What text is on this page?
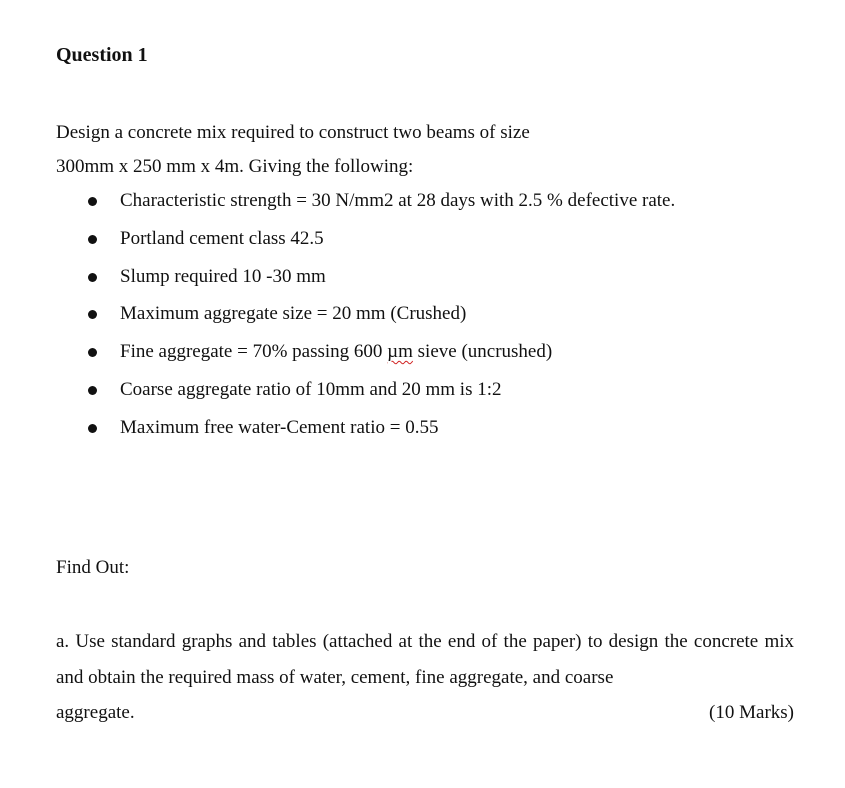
Question 1
Design a concrete mix required to construct two beams of size
300mm x 250 mm x 4m. Giving the following:
Characteristic strength = 30 N/mm2 at 28 days with 2.5 % defective rate.
Portland cement class 42.5
Slump required 10 -30 mm
Maximum aggregate size = 20 mm (Crushed)
Fine aggregate = 70% passing 600 µm sieve (uncrushed)
Coarse aggregate ratio of 10mm and 20 mm is 1:2
Maximum free water-Cement ratio = 0.55
Find Out:
a. Use standard graphs and tables (attached at the end of the paper) to design the concrete mix and obtain the required mass of water, cement, fine aggregate, and coarse
aggregate.	(10 Marks)
